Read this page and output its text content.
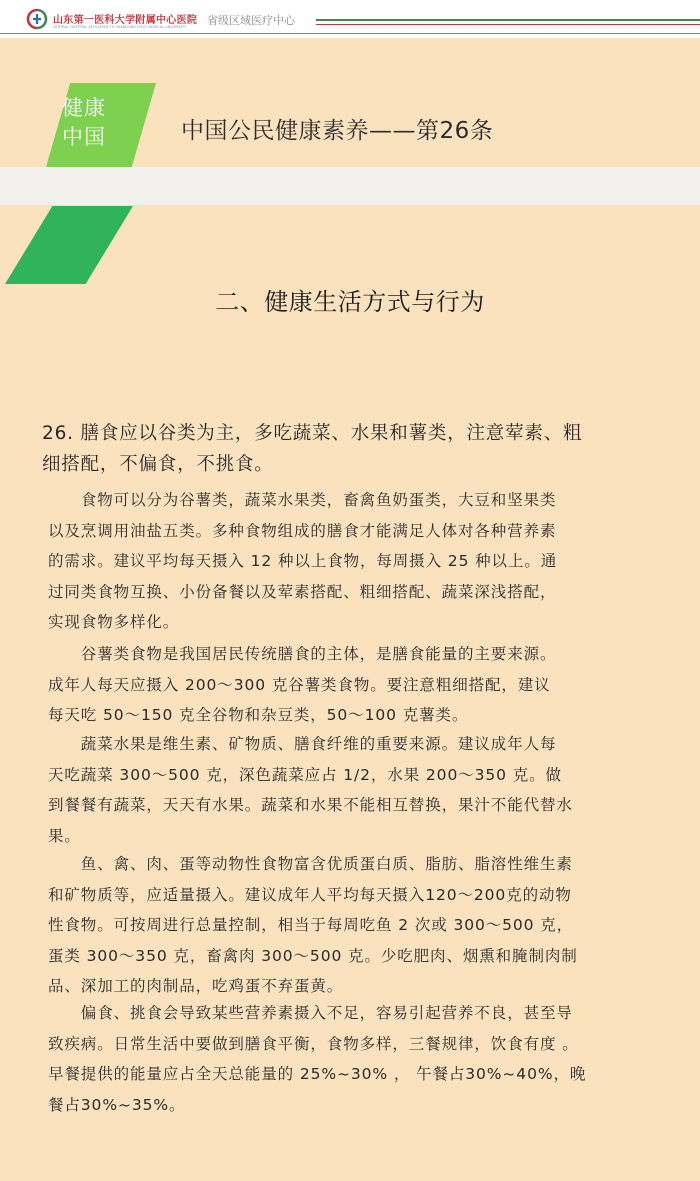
山东第一医科大学附属中心医院
CENTRAL HOSPITAL AFFILIATED TO SHANDONG FIRST MEDICAL UNIVERSITY 省级区域医疗中心
健康
中国	中国公民健康素养——第26条
二、健康生活方式与行为
26. 膳食应以谷类为主，多吃蔬菜、水果和薯类，注意荤素、粗
细搭配，不偏食，不挑食。
　　食物可以分为谷薯类，蔬菜水果类，畜禽鱼奶蛋类，大豆和坚果类
以及烹调用油盐五类。多种食物组成的膳食才能满足人体对各种营养素
的需求。建议平均每天摄入 12 种以上食物，每周摄入 25 种以上。通
过同类食物互换、小份备餐以及荤素搭配、粗细搭配、蔬菜深浅搭配，
实现食物多样化。
　　谷薯类食物是我国居民传统膳食的主体，是膳食能量的主要来源。
成年人每天应摄入 200～300 克谷薯类食物。要注意粗细搭配，建议
每天吃 50～150 克全谷物和杂豆类，50～100 克薯类。
　　蔬菜水果是维生素、矿物质、膳食纤维的重要来源。建议成年人每
天吃蔬菜 300～500 克，深色蔬菜应占 1/2，水果 200～350 克。做
到餐餐有蔬菜，天天有水果。蔬菜和水果不能相互替换，果汁不能代替水
果。
　　鱼、禽、肉、蛋等动物性食物富含优质蛋白质、脂肪、脂溶性维生素
和矿物质等，应适量摄入。建议成年人平均每天摄入120～200克的动物
性食物。可按周进行总量控制，相当于每周吃鱼 2 次或 300～500 克，
蛋类 300～350 克，畜禽肉 300～500 克。少吃肥肉、烟熏和腌制肉制
品、深加工的肉制品，吃鸡蛋不弃蛋黄。
　　偏食、挑食会导致某些营养素摄入不足，容易引起营养不良，甚至导
致疾病。日常生活中要做到膳食平衡，食物多样，三餐规律，饮食有度 。
早餐提供的能量应占全天总能量的 25%~30% ， 午餐占30%~40%，晚
餐占30%~35%。
